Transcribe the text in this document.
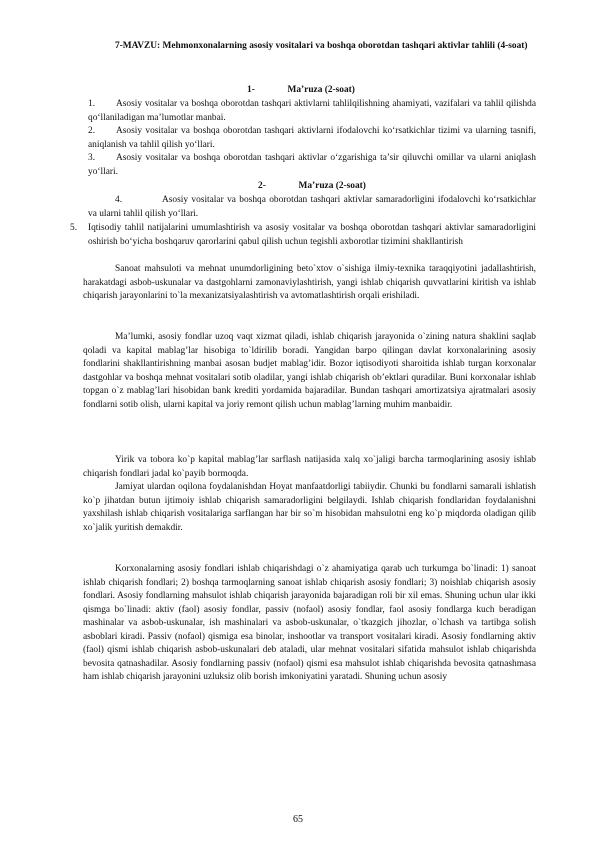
7-MAVZU: Mehmonxonalarning asosiy vositalari va boshqa oborotdan tashqari aktivlar tahlili (4-soat)
1-	Ma’ruza (2-soat)
1.	Asosiy vositalar va boshqa oborotdan tashqari aktivlarni tahlilqilishning ahamiyati, vazifalari va tahlil qilishda qo‘llaniladigan ma’lumotlar manbai.
2.	Asosiy vositalar va boshqa oborotdan tashqari aktivlarni ifodalovchi ko‘rsatkichlar tizimi va ularning tasnifi, aniqlanish va tahlil qilish yo‘llari.
3.	Asosiy vositalar va boshqa oborotdan tashqari aktivlar o‘zgarishiga ta’sir qiluvchi omillar va ularni aniqlash yo‘llari.
2-	Ma’ruza (2-soat)
4.	Asosiy vositalar va boshqa oborotdan tashqari aktivlar samaradorligini ifodalovchi ko‘rsatkichlar va ularni tahlil qilish yo‘llari.
5.	Iqtisodiy tahlil natijalarini umumlashtirish va asosiy vositalar va boshqa oborotdan tashqari aktivlar samaradorligini oshirish bo‘yicha boshqaruv qarorlarini qabul qilish uchun tegishli axborotlar tizimini shakllantirish
Sanoat mahsuloti va mehnat unumdorligining beto`xtov o`sishiga ilmiy-texnika taraqqiyotini jadallashtirish, harakatdagi asbob-uskunalar va dastgohlarni zamonaviylashtirish, yangi ishlab chiqarish quvvatlarini kiritish va ishlab chiqarish jarayonlarini to`la mexanizatsiyalashtirish va avtomatlashtirish orqali erishiladi.
Ma’lumki, asosiy fondlar uzoq vaqt xizmat qiladi, ishlab chiqarish jarayonida o`zining natura shaklini saqlab qoladi va kapital mablag’lar hisobiga to`ldirilib boradi. Yangidan barpo qilingan davlat korxonalarining asosiy fondlarini shakllantirishning manbai asosan budjet mablag’idir. Bozor iqtisodiyoti sharoitida ishlab turgan korxonalar dastgohlar va boshqa mehnat vositalari sotib oladilar, yangi ishlab chiqarish ob’ektlari quradilar. Buni korxonalar ishlab topgan o`z mablag’lari hisobidan bank krediti yordamida bajaradilar. Bundan tashqari amortizatsiya ajratmalari asosiy fondlarni sotib olish, ularni kapital va joriy remont qilish uchun mablag’larning muhim manbaidir.
Yirik va tobora ko`p kapital mablag’lar sarflash natijasida xalq xo`jaligi barcha tarmoqlarining asosiy ishlab chiqarish fondlari jadal ko`payib bormoqda.
Jamiyat ulardan oqilona foydalanishdan Hoyat manfaatdorligi tabiiydir. Chunki bu fondlarni samarali ishlatish ko`p jihatdan butun ijtimoiy ishlab chiqarish samaradorligini belgilaydi. Ishlab chiqarish fondlaridan foydalanishni yaxshilash ishlab chiqarish vositalariga sarflangan har bir so`m hisobidan mahsulotni eng ko`p miqdorda oladigan qilib xo`jalik yuritish demakdir.
Korxonalarning asosiy fondlari ishlab chiqarishdagi o`z ahamiyatiga qarab uch turkumga bo`linadi: 1) sanoat ishlab chiqarish fondlari; 2) boshqa tarmoqlarning sanoat ishlab chiqarish asosiy fondlari; 3) noishlab chiqarish asosiy fondlari. Asosiy fondlarning mahsulot ishlab chiqarish jarayonida bajaradigan roli bir xil emas. Shuning uchun ular ikki qismga bo`linadi: aktiv (faol) asosiy fondlar, passiv (nofaol) asosiy fondlar, faol asosiy fondlarga kuch beradigan mashinalar va asbob-uskunalar, ish mashinalari va asbob-uskunalar, o`tkazgich jihozlar, o`lchash va tartibga solish asboblari kiradi. Passiv (nofaol) qismiga esa binolar, inshootlar va transport vositalari kiradi. Asosiy fondlarning aktiv (faol) qismi ishlab chiqarish asbob-uskunalari deb ataladi, ular mehnat vositalari sifatida mahsulot ishlab chiqarishda bevosita qatnashadilar. Asosiy fondlarning passiv (nofaol) qismi esa mahsulot ishlab chiqarishda bevosita qatnashmasa ham ishlab chiqarish jarayonini uzluksiz olib borish imkoniyatini yaratadi. Shuning uchun asosiy
65
